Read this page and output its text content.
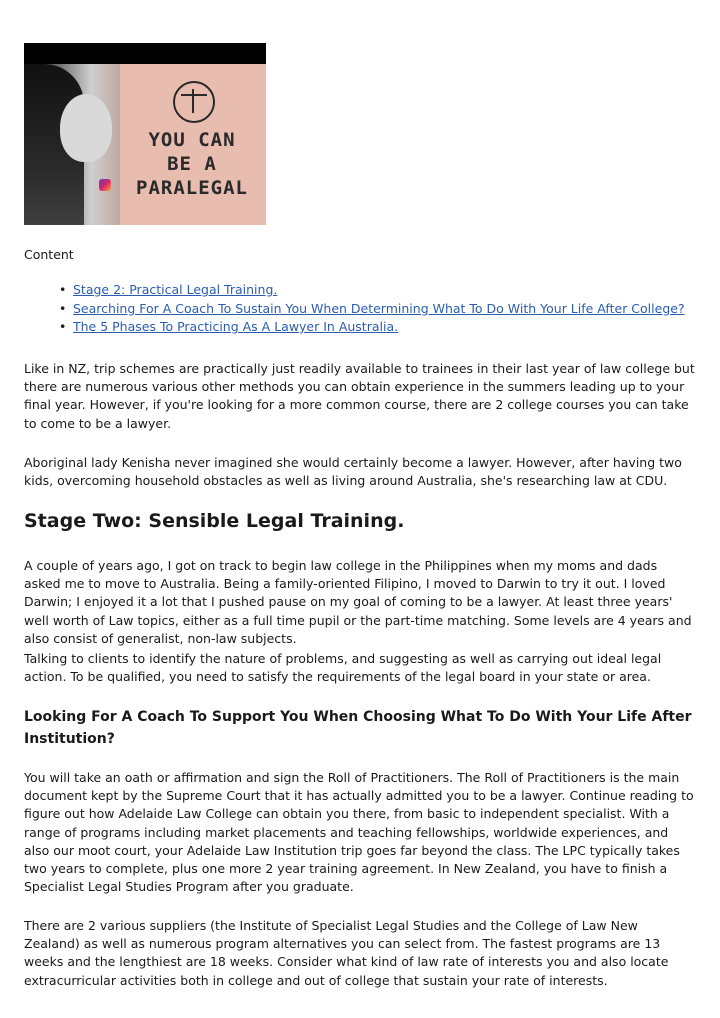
YOU CAN
BE A
PARALEGAL
Content
• Stage 2: Practical Legal Training.
• Searching For A Coach To Sustain You When Determining What To Do With Your Life After College?
• The 5 Phases To Practicing As A Lawyer In Australia.

Like in NZ, trip schemes are practically just readily available to trainees in their last year of law college but there are numerous various other methods you can obtain experience in the summers leading up to your final year. However, if you're looking for a more common course, there are 2 college courses you can take to come to be a lawyer.

Aboriginal lady Kenisha never imagined she would certainly become a lawyer. However, after having two kids, overcoming household obstacles as well as living around Australia, she's researching law at CDU.

Stage Two: Sensible Legal Training.

A couple of years ago, I got on track to begin law college in the Philippines when my moms and dads asked me to move to Australia. Being a family-oriented Filipino, I moved to Darwin to try it out. I loved Darwin; I enjoyed it a lot that I pushed pause on my goal of coming to be a lawyer. At least three years' well worth of Law topics, either as a full time pupil or the part-time matching. Some levels are 4 years and also consist of generalist, non-law subjects.

Talking to clients to identify the nature of problems, and suggesting as well as carrying out ideal legal action. To be qualified, you need to satisfy the requirements of the legal board in your state or area.

Looking For A Coach To Support You When Choosing What To Do With Your Life After Institution?

You will take an oath or affirmation and sign the Roll of Practitioners. The Roll of Practitioners is the main document kept by the Supreme Court that it has actually admitted you to be a lawyer. Continue reading to figure out how Adelaide Law College can obtain you there, from basic to independent specialist. With a range of programs including market placements and teaching fellowships, worldwide experiences, and also our moot court, your Adelaide Law Institution trip goes far beyond the class. The LPC typically takes two years to complete, plus one more 2 year training agreement. In New Zealand, you have to finish a Specialist Legal Studies Program after you graduate.

There are 2 various suppliers (the Institute of Specialist Legal Studies and the College of Law New Zealand) as well as numerous program alternatives you can select from. The fastest programs are 13 weeks and the lengthiest are 18 weeks. Consider what kind of law rate of interests you and also locate extracurricular activities both in college and out of college that sustain your rate of interests.
